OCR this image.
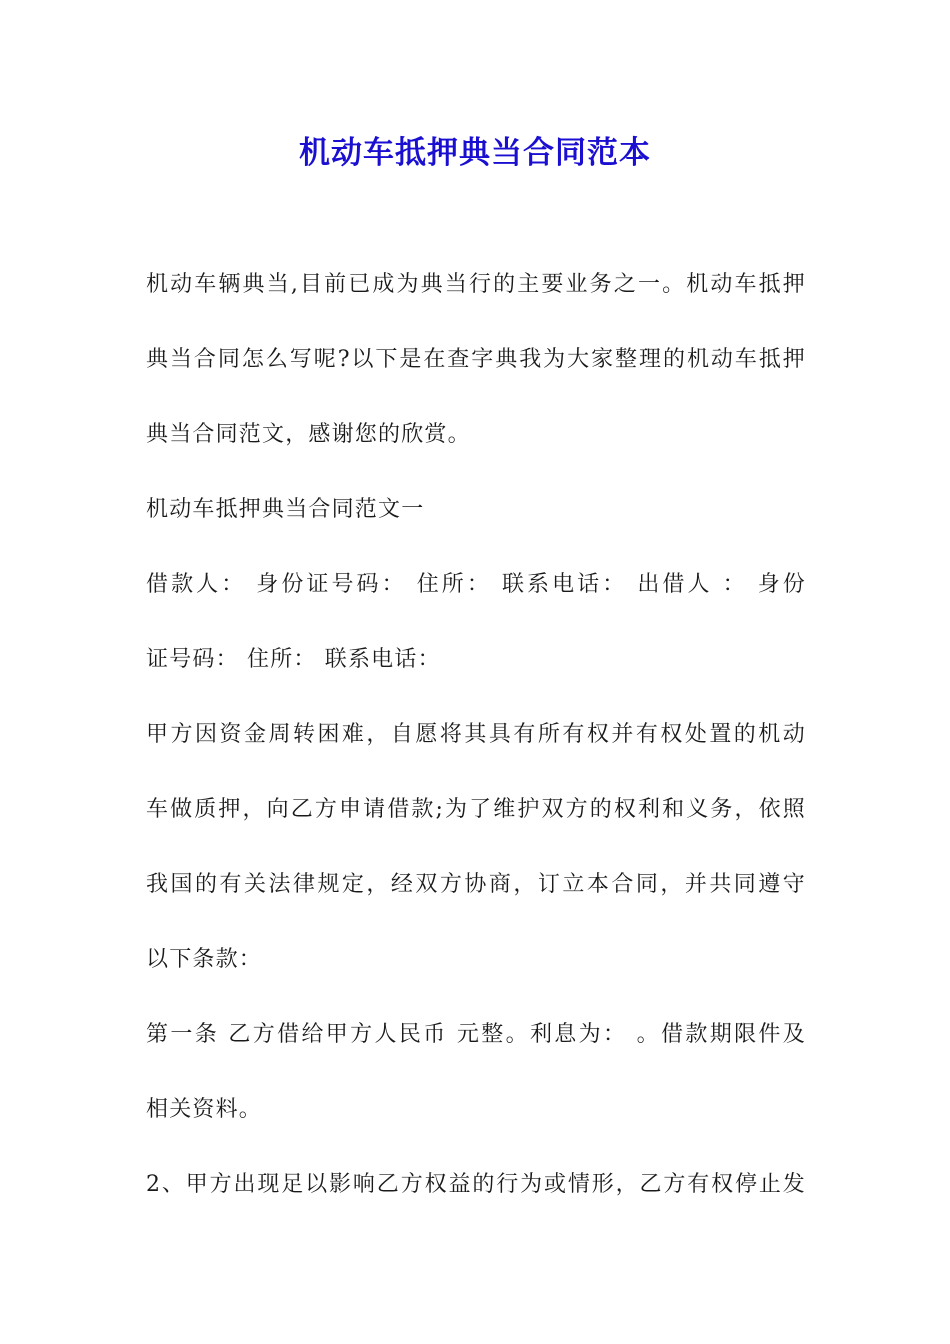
机动车抵押典当合同范本
机动车辆典当,目前已成为典当行的主要业务之一。机动车抵押
典当合同怎么写呢?以下是在查字典我为大家整理的机动车抵押
典当合同范文，感谢您的欣赏。
机动车抵押典当合同范文一
借款人： 身份证号码： 住所： 联系电话： 出借人 ： 身份
证号码： 住所： 联系电话：
甲方因资金周转困难，自愿将其具有所有权并有权处置的机动
车做质押，向乙方申请借款;为了维护双方的权利和义务，依照
我国的有关法律规定，经双方协商，订立本合同，并共同遵守
以下条款：
第一条 乙方借给甲方人民币 元整。利息为： 。借款期限件及
相关资料。
2、甲方出现足以影响乙方权益的行为或情形，乙方有权停止发
